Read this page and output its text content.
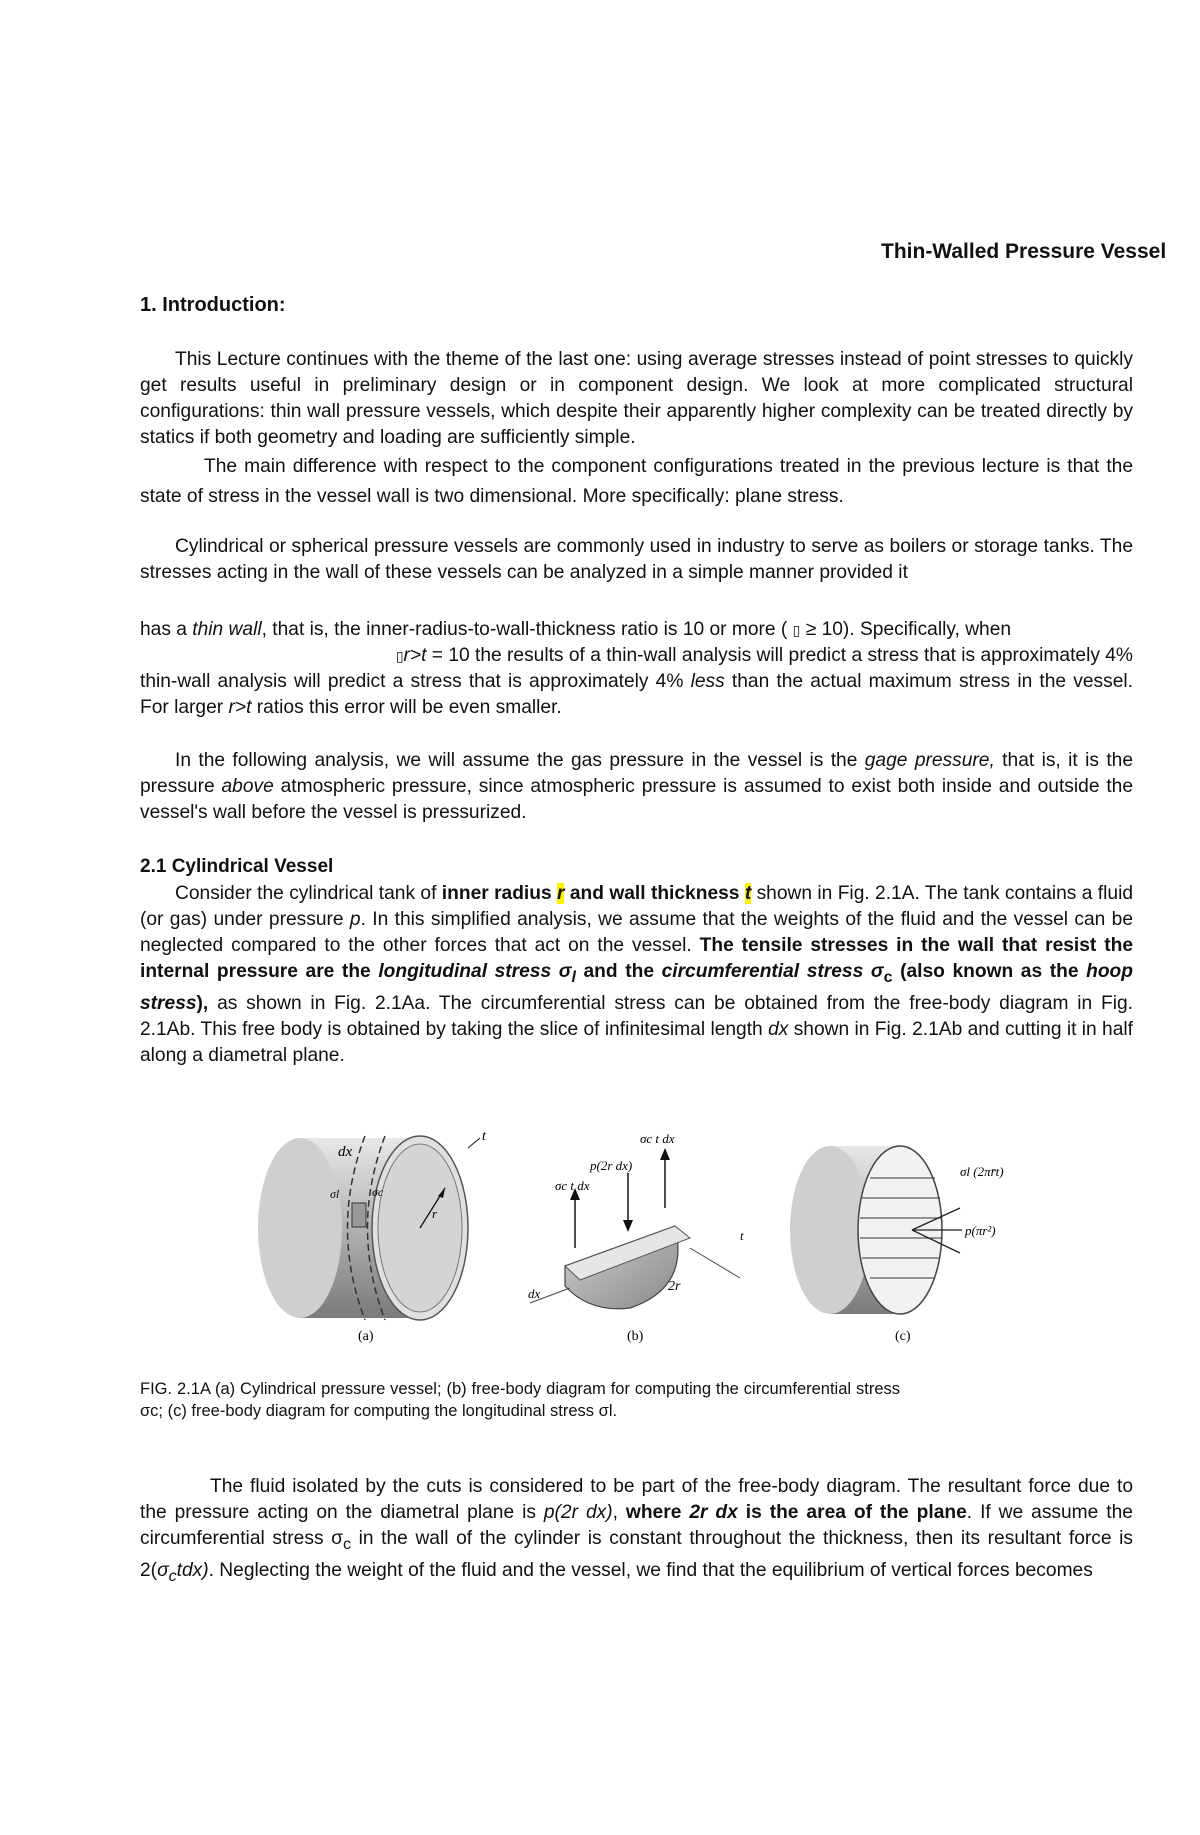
Thin-Walled Pressure Vessel
1. Introduction:
This Lecture continues with the theme of the last one: using average stresses instead of point stresses to quickly get results useful in preliminary design or in component design. We look at more complicated structural configurations: thin wall pressure vessels, which despite their apparently higher complexity can be treated directly by statics if both geometry and loading are sufficiently simple.
The main difference with respect to the component configurations treated in the previous lecture is that the state of stress in the vessel wall is two dimensional. More specifically: plane stress.
Cylindrical or spherical pressure vessels are commonly used in industry to serve as boilers or storage tanks. The stresses acting in the wall of these vessels can be analyzed in a simple manner provided it
has a thin wall, that is, the inner-radius-to-wall-thickness ratio is 10 or more ( ▯ ≥ 10). Specifically, when
▯r>t = 10 the results of a thin-wall analysis will predict a stress that is approximately 4%
thin-wall analysis will predict a stress that is approximately 4% less than the actual maximum stress in the vessel. For larger r>t ratios this error will be even smaller.
In the following analysis, we will assume the gas pressure in the vessel is the gage pressure, that is, it is the pressure above atmospheric pressure, since atmospheric pressure is assumed to exist both inside and outside the vessel's wall before the vessel is pressurized.
2.1 Cylindrical Vessel
Consider the cylindrical tank of inner radius r and wall thickness t shown in Fig. 2.1A. The tank contains a fluid (or gas) under pressure p. In this simplified analysis, we assume that the weights of the fluid and the vessel can be neglected compared to the other forces that act on the vessel. The tensile stresses in the wall that resist the internal pressure are the longitudinal stress $\sigma_l$ and the circumferential stress $\sigma_c$ (also known as the hoop stress), as shown in Fig. 2.1Aa. The circumferential stress can be obtained from the free-body diagram in Fig. 2.1Ab. This free body is obtained by taking the slice of infinitesimal length dx shown in Fig. 2.1Ab and cutting it in half along a diametral plane.
dx
t
r
σl	σc
(a)
σc t dx
p(2r dx)
σc t dx
2r
t
dx
(b)
σl (2πr̄t)
p(πr²)
(c)
FIG. 2.1A (a) Cylindrical pressure vessel; (b) free-body diagram for computing the circumferential stress σc; (c) free-body diagram for computing the longitudinal stress σl.
The fluid isolated by the cuts is considered to be part of the free-body diagram. The resultant force due to the pressure acting on the diametral plane is p(2r dx), where 2r dx is the area of the plane. If we assume the circumferential stress $\sigma_c$ in the wall of the cylinder is constant throughout the thickness, then its resultant force is $2(\sigma_ctdx)$. Neglecting the weight of the fluid and the vessel, we find that the equilibrium of vertical forces becomes
